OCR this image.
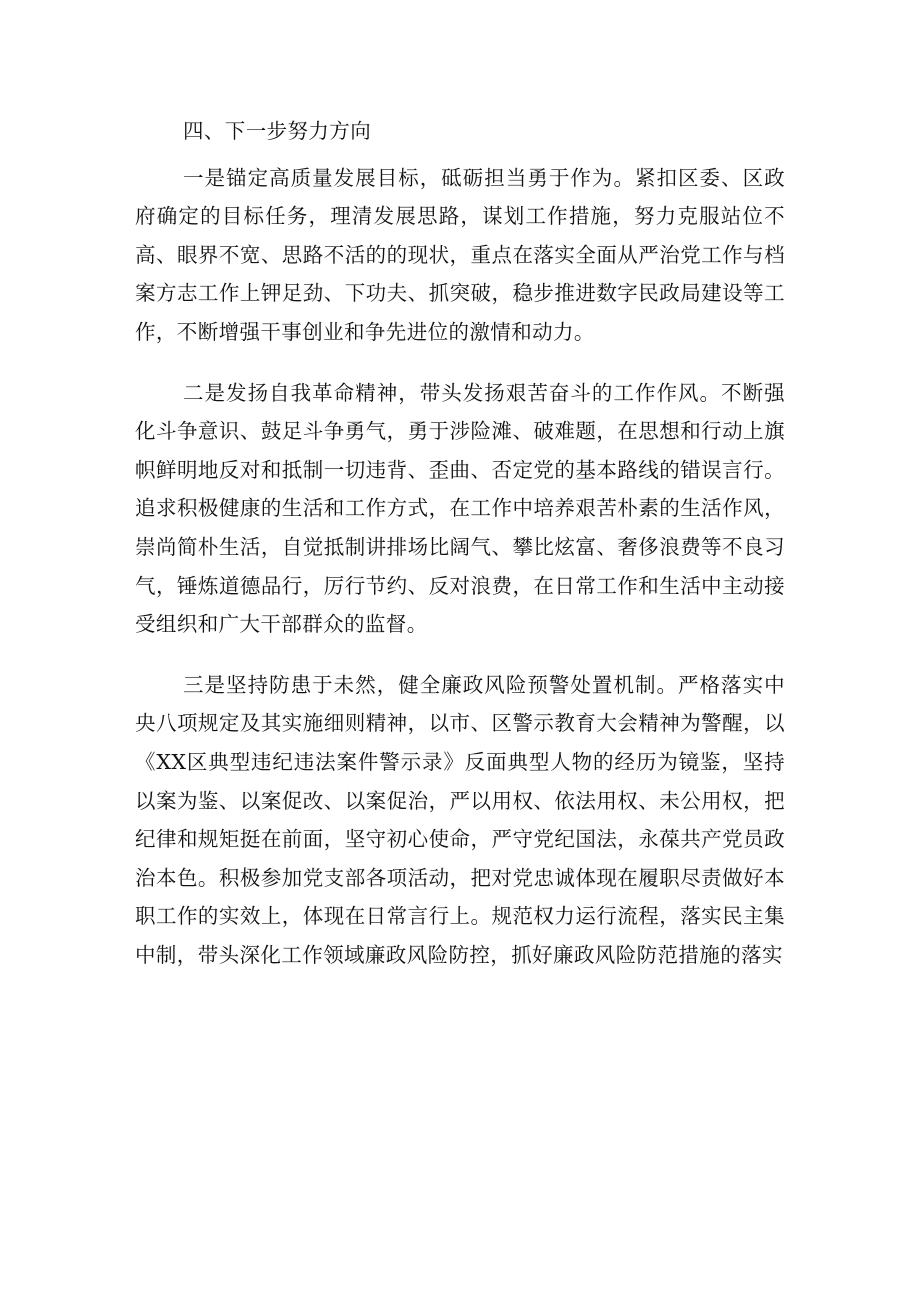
四、下一步努力方向

一是锚定高质量发展目标，砥砺担当勇于作为。紧扣区委、区政府确定的目标任务，理清发展思路，谋划工作措施，努力克服站位不高、眼界不宽、思路不活的的现状，重点在落实全面从严治党工作与档案方志工作上钾足劲、下功夫、抓突破，稳步推进数字民政局建设等工作，不断增强干事创业和争先进位的激情和动力。

二是发扬自我革命精神，带头发扬艰苦奋斗的工作作风。不断强化斗争意识、鼓足斗争勇气，勇于涉险滩、破难题，在思想和行动上旗帜鲜明地反对和抵制一切违背、歪曲、否定党的基本路线的错误言行。追求积极健康的生活和工作方式，在工作中培养艰苦朴素的生活作风，崇尚简朴生活，自觉抵制讲排场比阔气、攀比炫富、奢侈浪费等不良习气，锤炼道德品行，厉行节约、反对浪费，在日常工作和生活中主动接受组织和广大干部群众的监督。

三是坚持防患于未然，健全廉政风险预警处置机制。严格落实中央八项规定及其实施细则精神，以市、区警示教育大会精神为警醒，以《XX区典型违纪违法案件警示录》反面典型人物的经历为镜鉴，坚持以案为鉴、以案促改、以案促治，严以用权、依法用权、未公用权，把纪律和规矩挺在前面，坚守初心使命，严守党纪国法，永葆共产党员政治本色。积极参加党支部各项活动，把对党忠诚体现在履职尽责做好本职工作的实效上，体现在日常言行上。规范权力运行流程，落实民主集中制，带头深化工作领域廉政风险防控，抓好廉政风险防范措施的落实
